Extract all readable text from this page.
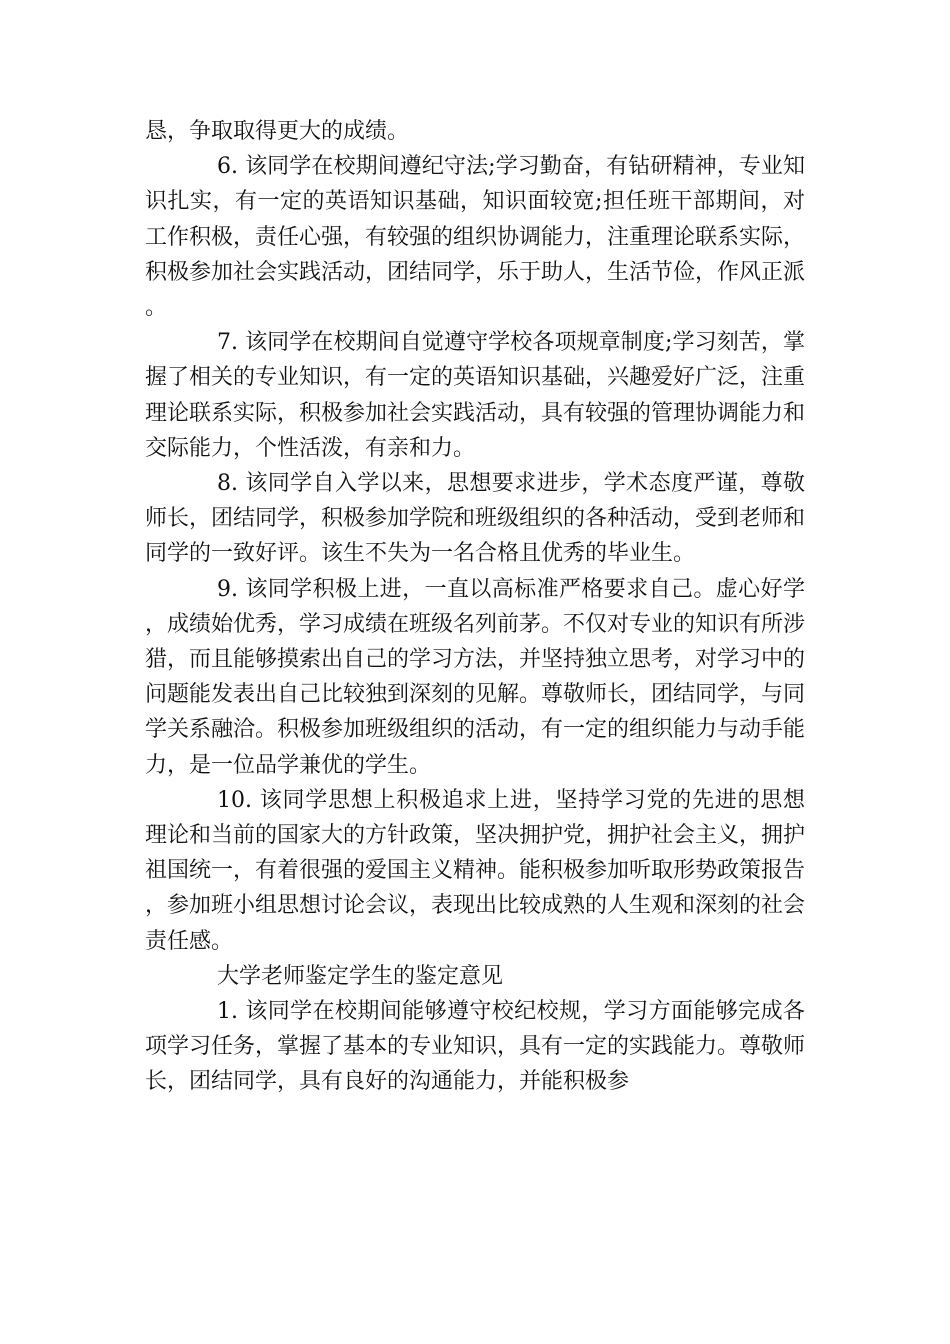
恳，争取取得更大的成绩。

6. 该同学在校期间遵纪守法;学习勤奋，有钻研精神，专业知识扎实，有一定的英语知识基础，知识面较宽;担任班干部期间，对工作积极，责任心强，有较强的组织协调能力，注重理论联系实际，积极参加社会实践活动，团结同学，乐于助人，生活节俭，作风正派。

7. 该同学在校期间自觉遵守学校各项规章制度;学习刻苦，掌握了相关的专业知识，有一定的英语知识基础，兴趣爱好广泛，注重理论联系实际，积极参加社会实践活动，具有较强的管理协调能力和交际能力，个性活泼，有亲和力。

8. 该同学自入学以来，思想要求进步，学术态度严谨，尊敬师长，团结同学，积极参加学院和班级组织的各种活动，受到老师和同学的一致好评。该生不失为一名合格且优秀的毕业生。

9. 该同学积极上进，一直以高标准严格要求自己。虚心好学，成绩始优秀，学习成绩在班级名列前茅。不仅对专业的知识有所涉猎，而且能够摸索出自己的学习方法，并坚持独立思考，对学习中的问题能发表出自己比较独到深刻的见解。尊敬师长，团结同学，与同学关系融洽。积极参加班级组织的活动，有一定的组织能力与动手能力，是一位品学兼优的学生。

10. 该同学思想上积极追求上进，坚持学习党的先进的思想理论和当前的国家大的方针政策，坚决拥护党，拥护社会主义，拥护祖国统一，有着很强的爱国主义精神。能积极参加听取形势政策报告，参加班小组思想讨论会议，表现出比较成熟的人生观和深刻的社会责任感。

大学老师鉴定学生的鉴定意见

1. 该同学在校期间能够遵守校纪校规，学习方面能够完成各项学习任务，掌握了基本的专业知识，具有一定的实践能力。尊敬师长，团结同学，具有良好的沟通能力，并能积极参
